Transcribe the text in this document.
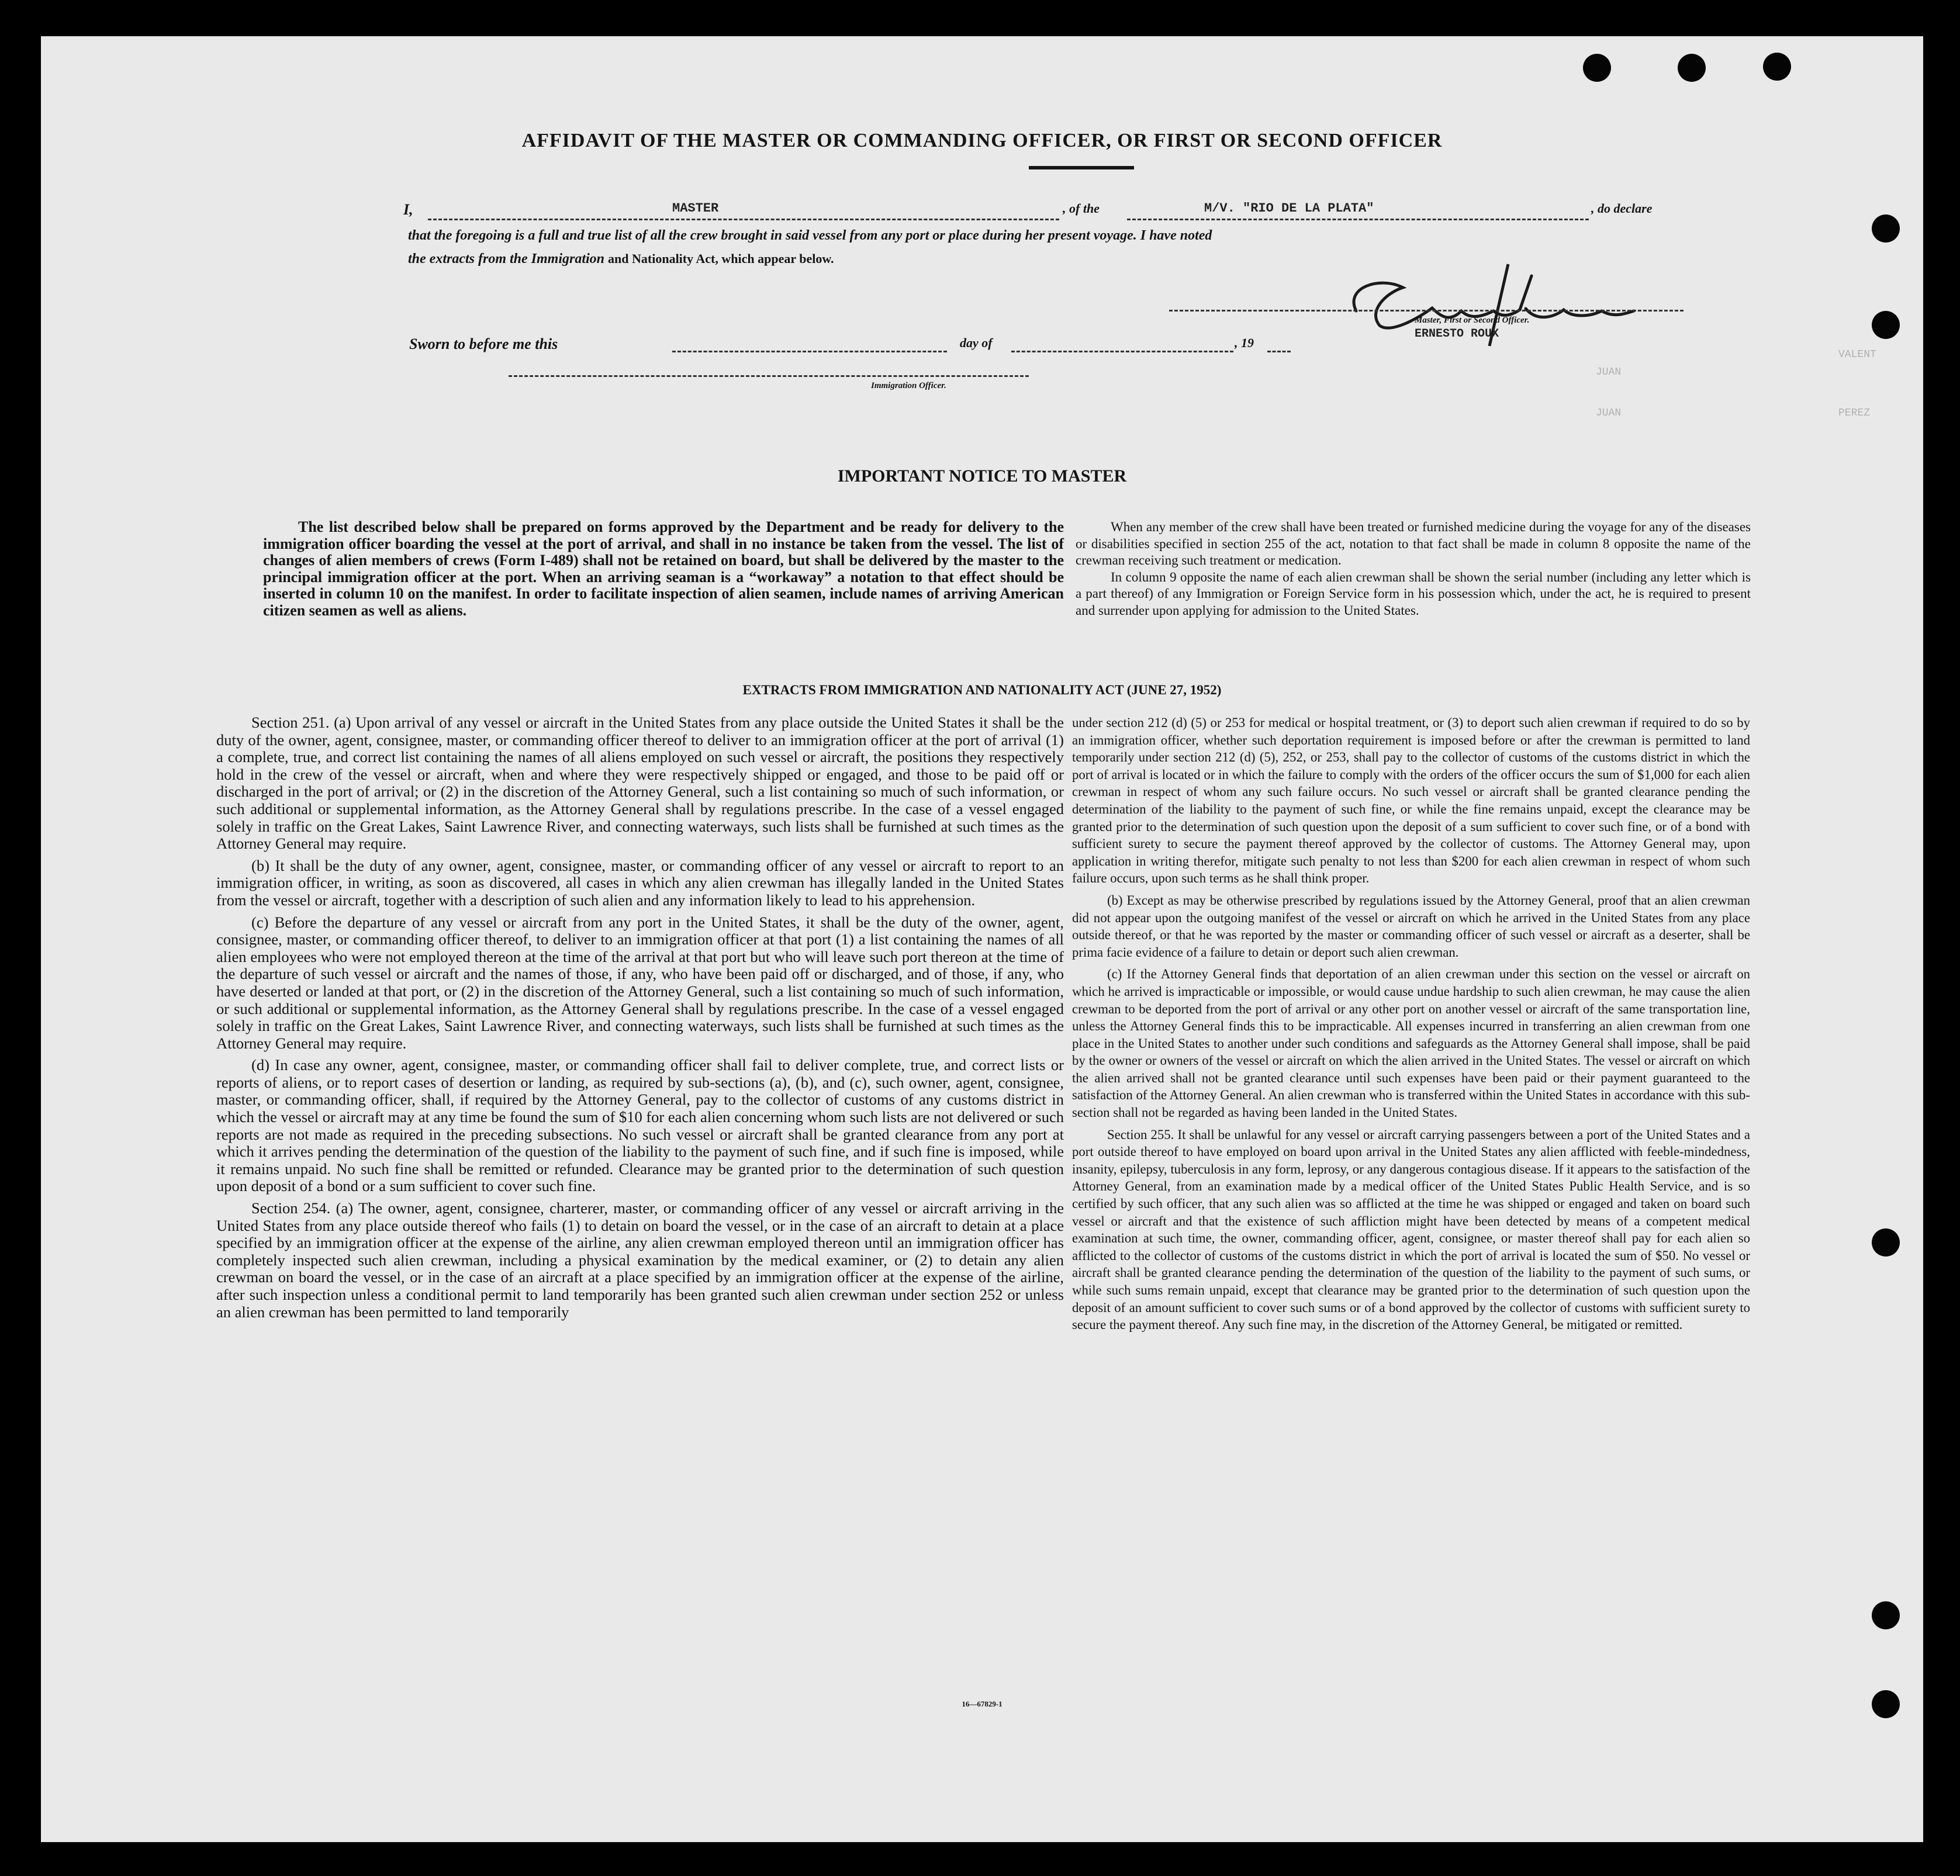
JUAN
JUAN
VALENT
PEREZ
AFFIDAVIT OF THE MASTER OR COMMANDING OFFICER, OR FIRST OR SECOND OFFICER
I,	MASTER	, of the	M/V. "RIO DE LA PLATA"	, do declare
that the foregoing is a full and true list of all the crew brought in said vessel from any port or place during her present voyage. I have noted
the extracts from the Immigration and Nationality Act, which appear below.
Master, First or Second Officer.
ERNESTO ROUX
Sworn to before me this	day of	, 19
Immigration Officer.
IMPORTANT NOTICE TO MASTER

The list described below shall be prepared on forms approved by the Department and be ready for delivery to the immigration officer boarding the vessel at the port of arrival, and shall in no instance be taken from the vessel. The list of changes of alien members of crews (Form I-489) shall not be retained on board, but shall be delivered by the master to the principal immigration officer at the port. When an arriving seaman is a “workaway” a notation to that effect should be inserted in column 10 on the manifest. In order to facilitate inspection of alien seamen, include names of arriving American citizen seamen as well as aliens.

When any member of the crew shall have been treated or furnished medicine during the voyage for any of the diseases or disabilities specified in section 255 of the act, notation to that fact shall be made in column 8 opposite the name of the crewman receiving such treatment or medication.

In column 9 opposite the name of each alien crewman shall be shown the serial number (including any letter which is a part thereof) of any Immigration or Foreign Service form in his possession which, under the act, he is required to present and surrender upon applying for admission to the United States.

EXTRACTS FROM IMMIGRATION AND NATIONALITY ACT (JUNE 27, 1952)

Section 251. (a) Upon arrival of any vessel or aircraft in the United States from any place outside the United States it shall be the duty of the owner, agent, consignee, master, or commanding officer thereof to deliver to an immigration officer at the port of arrival (1) a complete, true, and correct list containing the names of all aliens employed on such vessel or aircraft, the positions they respectively hold in the crew of the vessel or aircraft, when and where they were respectively shipped or engaged, and those to be paid off or discharged in the port of arrival; or (2) in the discretion of the Attorney General, such a list containing so much of such information, or such additional or supplemental information, as the Attorney General shall by regulations prescribe. In the case of a vessel engaged solely in traffic on the Great Lakes, Saint Lawrence River, and connecting waterways, such lists shall be furnished at such times as the Attorney General may require.

(b) It shall be the duty of any owner, agent, consignee, master, or commanding officer of any vessel or aircraft to report to an immigration officer, in writing, as soon as discovered, all cases in which any alien crewman has illegally landed in the United States from the vessel or aircraft, together with a description of such alien and any information likely to lead to his apprehension.

(c) Before the departure of any vessel or aircraft from any port in the United States, it shall be the duty of the owner, agent, consignee, master, or commanding officer thereof, to deliver to an immigration officer at that port (1) a list containing the names of all alien employees who were not employed thereon at the time of the arrival at that port but who will leave such port thereon at the time of the departure of such vessel or aircraft and the names of those, if any, who have been paid off or discharged, and of those, if any, who have deserted or landed at that port, or (2) in the discretion of the Attorney General, such a list containing so much of such information, or such additional or supplemental information, as the Attorney General shall by regulations prescribe. In the case of a vessel engaged solely in traffic on the Great Lakes, Saint Lawrence River, and connecting waterways, such lists shall be furnished at such times as the Attorney General may require.

(d) In case any owner, agent, consignee, master, or commanding officer shall fail to deliver complete, true, and correct lists or reports of aliens, or to report cases of desertion or landing, as required by sub-sections (a), (b), and (c), such owner, agent, consignee, master, or commanding officer, shall, if required by the Attorney General, pay to the collector of customs of any customs district in which the vessel or aircraft may at any time be found the sum of $10 for each alien concerning whom such lists are not delivered or such reports are not made as required in the preceding subsections. No such vessel or aircraft shall be granted clearance from any port at which it arrives pending the determination of the question of the liability to the payment of such fine, and if such fine is imposed, while it remains unpaid. No such fine shall be remitted or refunded. Clearance may be granted prior to the determination of such question upon deposit of a bond or a sum sufficient to cover such fine.

Section 254. (a) The owner, agent, consignee, charterer, master, or commanding officer of any vessel or aircraft arriving in the United States from any place outside thereof who fails (1) to detain on board the vessel, or in the case of an aircraft to detain at a place specified by an immigration officer at the expense of the airline, any alien crewman employed thereon until an immigration officer has completely inspected such alien crewman, including a physical examination by the medical examiner, or (2) to detain any alien crewman on board the vessel, or in the case of an aircraft at a place specified by an immigration officer at the expense of the airline, after such inspection unless a conditional permit to land temporarily has been granted such alien crewman under section 252 or unless an alien crewman has been permitted to land temporarily

under section 212 (d) (5) or 253 for medical or hospital treatment, or (3) to deport such alien crewman if required to do so by an immigration officer, whether such deportation requirement is imposed before or after the crewman is permitted to land temporarily under section 212 (d) (5), 252, or 253, shall pay to the collector of customs of the customs district in which the port of arrival is located or in which the failure to comply with the orders of the officer occurs the sum of $1,000 for each alien crewman in respect of whom any such failure occurs. No such vessel or aircraft shall be granted clearance pending the determination of the liability to the payment of such fine, or while the fine remains unpaid, except the clearance may be granted prior to the determination of such question upon the deposit of a sum sufficient to cover such fine, or of a bond with sufficient surety to secure the payment thereof approved by the collector of customs. The Attorney General may, upon application in writing therefor, mitigate such penalty to not less than $200 for each alien crewman in respect of whom such failure occurs, upon such terms as he shall think proper.

(b) Except as may be otherwise prescribed by regulations issued by the Attorney General, proof that an alien crewman did not appear upon the outgoing manifest of the vessel or aircraft on which he arrived in the United States from any place outside thereof, or that he was reported by the master or commanding officer of such vessel or aircraft as a deserter, shall be prima facie evidence of a failure to detain or deport such alien crewman.

(c) If the Attorney General finds that deportation of an alien crewman under this section on the vessel or aircraft on which he arrived is impracticable or impossible, or would cause undue hardship to such alien crewman, he may cause the alien crewman to be deported from the port of arrival or any other port on another vessel or aircraft of the same transportation line, unless the Attorney General finds this to be impracticable. All expenses incurred in transferring an alien crewman from one place in the United States to another under such conditions and safeguards as the Attorney General shall impose, shall be paid by the owner or owners of the vessel or aircraft on which the alien arrived in the United States. The vessel or aircraft on which the alien arrived shall not be granted clearance until such expenses have been paid or their payment guaranteed to the satisfaction of the Attorney General. An alien crewman who is transferred within the United States in accordance with this sub-section shall not be regarded as having been landed in the United States.

Section 255. It shall be unlawful for any vessel or aircraft carrying passengers between a port of the United States and a port outside thereof to have employed on board upon arrival in the United States any alien afflicted with feeble-mindedness, insanity, epilepsy, tuberculosis in any form, leprosy, or any dangerous contagious disease. If it appears to the satisfaction of the Attorney General, from an examination made by a medical officer of the United States Public Health Service, and is so certified by such officer, that any such alien was so afflicted at the time he was shipped or engaged and taken on board such vessel or aircraft and that the existence of such affliction might have been detected by means of a competent medical examination at such time, the owner, commanding officer, agent, consignee, or master thereof shall pay for each alien so afflicted to the collector of customs of the customs district in which the port of arrival is located the sum of $50. No vessel or aircraft shall be granted clearance pending the determination of the question of the liability to the payment of such sums, or while such sums remain unpaid, except that clearance may be granted prior to the determination of such question upon the deposit of an amount sufficient to cover such sums or of a bond approved by the collector of customs with sufficient surety to secure the payment thereof. Any such fine may, in the discretion of the Attorney General, be mitigated or remitted.

16—67829-1
